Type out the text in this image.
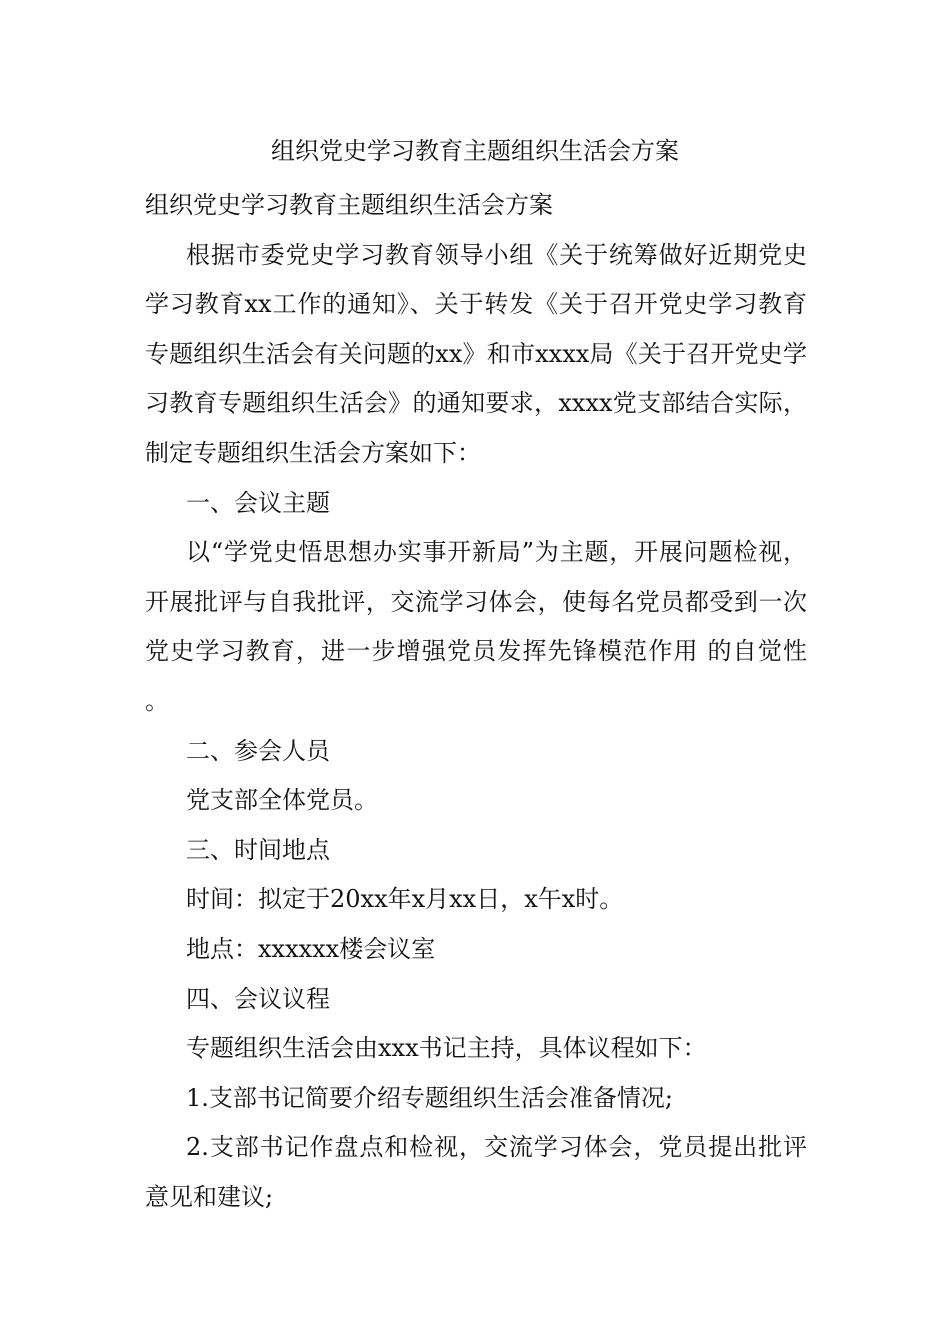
组织党史学习教育主题组织生活会方案

组织党史学习教育主题组织生活会方案

根据市委党史学习教育领导小组《关于统筹做好近期党史学习教育xx工作的通知》、关于转发《关于召开党史学习教育专题组织生活会有关问题的xx》和市xxxx局《关于召开党史学习教育专题组织生活会》的通知要求，xxxx党支部结合实际，制定专题组织生活会方案如下：

一、会议主题

以“学党史悟思想办实事开新局”为主题，开展问题检视，开展批评与自我批评，交流学习体会，使每名党员都受到一次党史学习教育，进一步增强党员发挥先锋模范作用 的自觉性 。

二、参会人员

党支部全体党员。

三、时间地点

时间：拟定于20xx年x月xx日，x午x时。

地点：xxxxxx楼会议室

四、会议议程

专题组织生活会由xxx书记主持，具体议程如下：

1.支部书记简要介绍专题组织生活会准备情况;

2.支部书记作盘点和检视，交流学习体会，党员提出批评意见和建议;
